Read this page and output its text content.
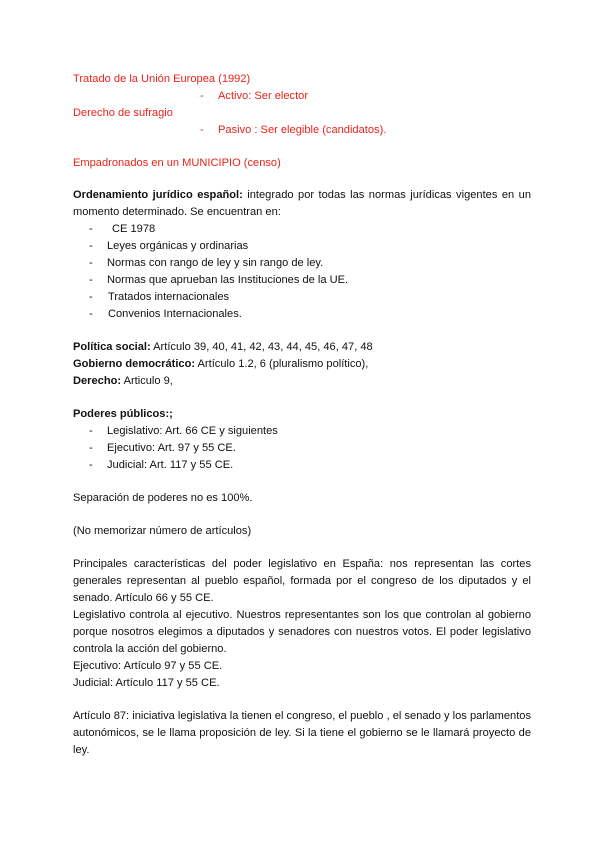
Tratado de la Unión Europea (1992)
- Activo: Ser elector
Derecho de sufragio
- Pasivo : Ser elegible (candidatos).
Empadronados en un MUNICIPIO (censo)
Ordenamiento jurídico español: integrado por todas las normas jurídicas vigentes en un
momento determinado. Se encuentran en:
- CE 1978
- Leyes orgánicas y ordinarias
- Normas con rango de ley y sin rango de ley.
- Normas que aprueban las Instituciones de la UE.
- Tratados internacionales
- Convenios Internacionales.
Política social: Artículo 39, 40, 41, 42, 43, 44, 45, 46, 47, 48
Gobierno democrático: Artículo 1.2, 6 (pluralismo político),
Derecho: Articulo 9,
Poderes públicos:;
- Legislativo: Art. 66 CE y siguientes
- Ejecutivo: Art. 97 y 55 CE.
- Judicial: Art. 117 y 55 CE.
Separación de poderes no es 100%.
(No memorizar número de artículos)
Principales características del poder legislativo en España: nos representan las cortes
generales representan al pueblo español, formada por el congreso de los diputados y el
senado. Artículo 66 y 55 CE.
Legislativo controla al ejecutivo. Nuestros representantes son los que controlan al gobierno
porque nosotros elegimos a diputados y senadores con nuestros votos. El poder legislativo
controla la acción del gobierno.
Ejecutivo: Artículo 97 y 55 CE.
Judicial: Artículo 117 y 55 CE.
Artículo 87: iniciativa legislativa la tienen el congreso, el pueblo , el senado y los parlamentos
autonómicos, se le llama proposición de ley. Si la tiene el gobierno se le llamará proyecto de
ley.
